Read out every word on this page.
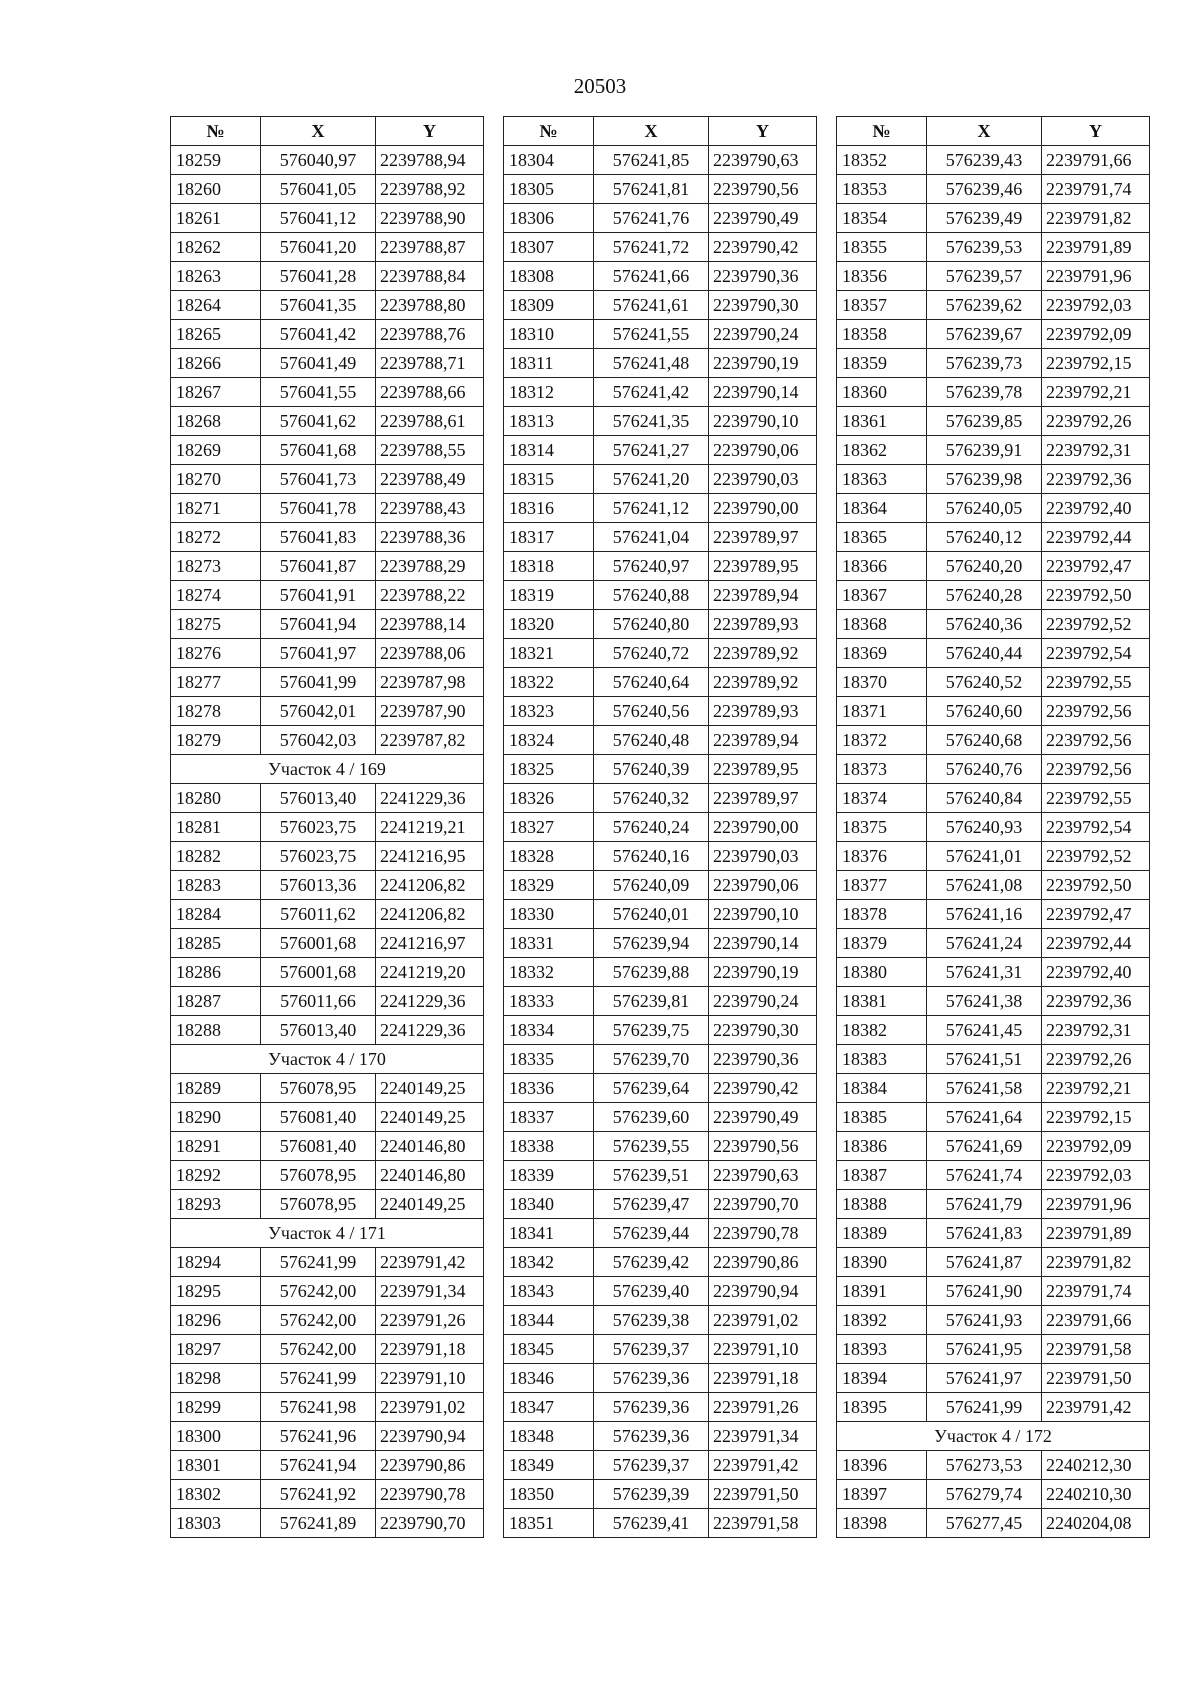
20503
№	X	Y
18259	576040,97	2239788,94
18260	576041,05	2239788,92
18261	576041,12	2239788,90
18262	576041,20	2239788,87
18263	576041,28	2239788,84
18264	576041,35	2239788,80
18265	576041,42	2239788,76
18266	576041,49	2239788,71
18267	576041,55	2239788,66
18268	576041,62	2239788,61
18269	576041,68	2239788,55
18270	576041,73	2239788,49
18271	576041,78	2239788,43
18272	576041,83	2239788,36
18273	576041,87	2239788,29
18274	576041,91	2239788,22
18275	576041,94	2239788,14
18276	576041,97	2239788,06
18277	576041,99	2239787,98
18278	576042,01	2239787,90
18279	576042,03	2239787,82
Участок 4 / 169		
18280	576013,40	2241229,36
18281	576023,75	2241219,21
18282	576023,75	2241216,95
18283	576013,36	2241206,82
18284	576011,62	2241206,82
18285	576001,68	2241216,97
18286	576001,68	2241219,20
18287	576011,66	2241229,36
18288	576013,40	2241229,36
Участок 4 / 170		
18289	576078,95	2240149,25
18290	576081,40	2240149,25
18291	576081,40	2240146,80
18292	576078,95	2240146,80
18293	576078,95	2240149,25
Участок 4 / 171		
18294	576241,99	2239791,42
18295	576242,00	2239791,34
18296	576242,00	2239791,26
18297	576242,00	2239791,18
18298	576241,99	2239791,10
18299	576241,98	2239791,02
18300	576241,96	2239790,94
18301	576241,94	2239790,86
18302	576241,92	2239790,78
18303	576241,89	2239790,70
№	X	Y
18304	576241,85	2239790,63
18305	576241,81	2239790,56
18306	576241,76	2239790,49
18307	576241,72	2239790,42
18308	576241,66	2239790,36
18309	576241,61	2239790,30
18310	576241,55	2239790,24
18311	576241,48	2239790,19
18312	576241,42	2239790,14
18313	576241,35	2239790,10
18314	576241,27	2239790,06
18315	576241,20	2239790,03
18316	576241,12	2239790,00
18317	576241,04	2239789,97
18318	576240,97	2239789,95
18319	576240,88	2239789,94
18320	576240,80	2239789,93
18321	576240,72	2239789,92
18322	576240,64	2239789,92
18323	576240,56	2239789,93
18324	576240,48	2239789,94
18325	576240,39	2239789,95
18326	576240,32	2239789,97
18327	576240,24	2239790,00
18328	576240,16	2239790,03
18329	576240,09	2239790,06
18330	576240,01	2239790,10
18331	576239,94	2239790,14
18332	576239,88	2239790,19
18333	576239,81	2239790,24
18334	576239,75	2239790,30
18335	576239,70	2239790,36
18336	576239,64	2239790,42
18337	576239,60	2239790,49
18338	576239,55	2239790,56
18339	576239,51	2239790,63
18340	576239,47	2239790,70
18341	576239,44	2239790,78
18342	576239,42	2239790,86
18343	576239,40	2239790,94
18344	576239,38	2239791,02
18345	576239,37	2239791,10
18346	576239,36	2239791,18
18347	576239,36	2239791,26
18348	576239,36	2239791,34
18349	576239,37	2239791,42
18350	576239,39	2239791,50
18351	576239,41	2239791,58
№	X	Y
18352	576239,43	2239791,66
18353	576239,46	2239791,74
18354	576239,49	2239791,82
18355	576239,53	2239791,89
18356	576239,57	2239791,96
18357	576239,62	2239792,03
18358	576239,67	2239792,09
18359	576239,73	2239792,15
18360	576239,78	2239792,21
18361	576239,85	2239792,26
18362	576239,91	2239792,31
18363	576239,98	2239792,36
18364	576240,05	2239792,40
18365	576240,12	2239792,44
18366	576240,20	2239792,47
18367	576240,28	2239792,50
18368	576240,36	2239792,52
18369	576240,44	2239792,54
18370	576240,52	2239792,55
18371	576240,60	2239792,56
18372	576240,68	2239792,56
18373	576240,76	2239792,56
18374	576240,84	2239792,55
18375	576240,93	2239792,54
18376	576241,01	2239792,52
18377	576241,08	2239792,50
18378	576241,16	2239792,47
18379	576241,24	2239792,44
18380	576241,31	2239792,40
18381	576241,38	2239792,36
18382	576241,45	2239792,31
18383	576241,51	2239792,26
18384	576241,58	2239792,21
18385	576241,64	2239792,15
18386	576241,69	2239792,09
18387	576241,74	2239792,03
18388	576241,79	2239791,96
18389	576241,83	2239791,89
18390	576241,87	2239791,82
18391	576241,90	2239791,74
18392	576241,93	2239791,66
18393	576241,95	2239791,58
18394	576241,97	2239791,50
18395	576241,99	2239791,42
Участок 4 / 172		
18396	576273,53	2240212,30
18397	576279,74	2240210,30
18398	576277,45	2240204,08
